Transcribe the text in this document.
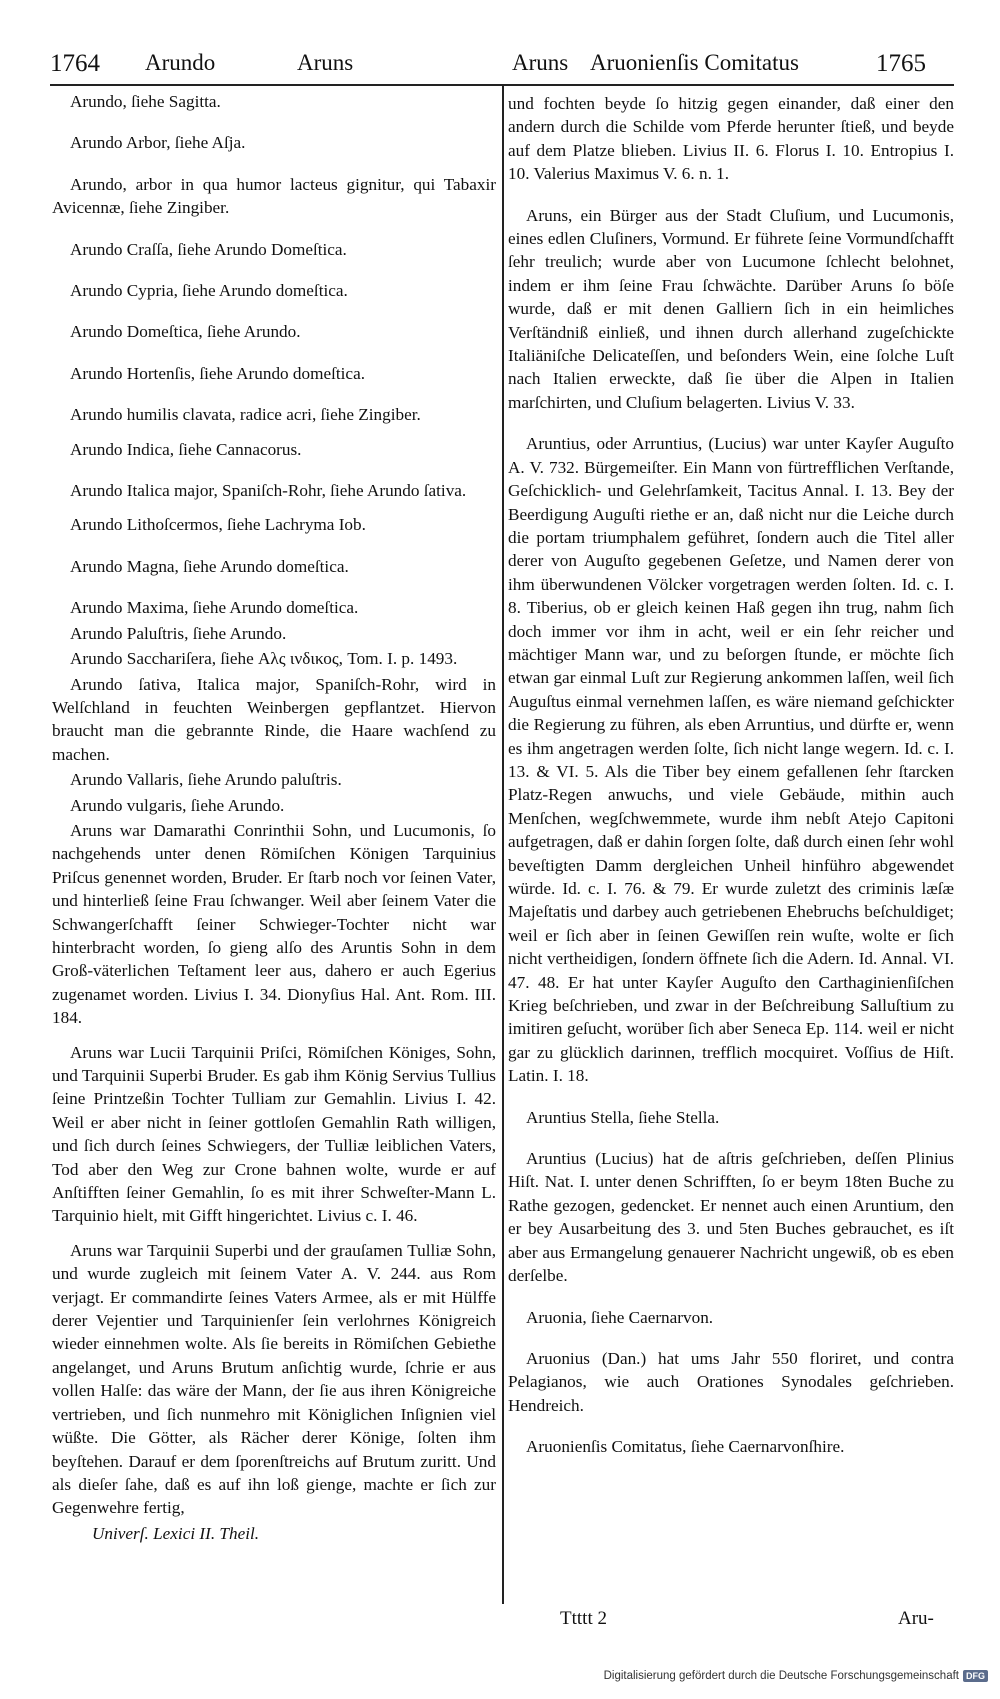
1764 Arundo	Aruns	Aruns Aruonienſis Comitatus	1765

Arundo, ſiehe Sagitta.

Arundo Arbor, ſiehe Aſja.

Arundo, arbor in qua humor lacteus gignitur, qui Tabaxir Avicennæ, ſiehe Zingiber.

Arundo Craſſa, ſiehe Arundo Domeſtica.

Arundo Cypria, ſiehe Arundo domeſtica.

Arundo Domeſtica, ſiehe Arundo.

Arundo Hortenſis, ſiehe Arundo domeſtica.

Arundo humilis clavata, radice acri, ſiehe Zingiber.

Arundo Indica, ſiehe Cannacorus.

Arundo Italica major, Spaniſch-Rohr, ſiehe Arundo ſativa.

Arundo Lithoſcermos, ſiehe Lachryma Iob.

Arundo Magna, ſiehe Arundo domeſtica.

Arundo Maxima, ſiehe Arundo domeſtica.

Arundo Paluſtris, ſiehe Arundo.

Arundo Sacchariſera, ſiehe Αλς ινδικος, Tom. I. p. 1493.

Arundo ſativa, Italica major, Spaniſch-Rohr, wird in Welſchland in feuchten Weinbergen gepflantzet. Hiervon braucht man die gebrannte Rinde, die Haare wachſend zu machen.

Arundo Vallaris, ſiehe Arundo paluſtris.

Arundo vulgaris, ſiehe Arundo.

Aruns war Damarathi Conrinthii Sohn, und Lucumonis, ſo nachgehends unter denen Römiſchen Königen Tarquinius Priſcus genennet worden, Bruder. Er ſtarb noch vor ſeinen Vater, und hinterließ ſeine Frau ſchwanger. Weil aber ſeinem Vater die Schwangerſchafft ſeiner Schwieger-Tochter nicht war hinterbracht worden, ſo gieng alſo des Aruntis Sohn in dem Groß-väterlichen Teſtament leer aus, dahero er auch Egerius zugenamet worden. Livius I. 34. Dionyſius Hal. Ant. Rom. III. 184.

Aruns war Lucii Tarquinii Priſci, Römiſchen Königes, Sohn, und Tarquinii Superbi Bruder. Es gab ihm König Servius Tullius ſeine Printzeßin Tochter Tulliam zur Gemahlin. Livius I. 42. Weil er aber nicht in ſeiner gottloſen Gemahlin Rath willigen, und ſich durch ſeines Schwiegers, der Tulliæ leiblichen Vaters, Tod aber den Weg zur Crone bahnen wolte, wurde er auf Anſtifften ſeiner Gemahlin, ſo es mit ihrer Schweſter-Mann L. Tarquinio hielt, mit Gifft hingerichtet. Livius c. I. 46.

Aruns war Tarquinii Superbi und der grauſamen Tulliæ Sohn, und wurde zugleich mit ſeinem Vater A. V. 244. aus Rom verjagt. Er commandirte ſeines Vaters Armee, als er mit Hülffe derer Vejentier und Tarquinienſer ſein verlohrnes Königreich wieder einnehmen wolte. Als ſie bereits in Römiſchen Gebiethe angelanget, und Aruns Brutum anſichtig wurde, ſchrie er aus vollen Halſe: das wäre der Mann, der ſie aus ihren Königreiche vertrieben, und ſich nunmehro mit Königlichen Inſignien viel wüßte. Die Götter, als Rächer derer Könige, ſolten ihm beyſtehen. Darauf er dem ſporenſtreichs auf Brutum zuritt. Und als dieſer ſahe, daß es auf ihn loß gienge, machte er ſich zur Gegenwehre fertig,

Univerſ. Lexici II. Theil.

und fochten beyde ſo hitzig gegen einander, daß einer den andern durch die Schilde vom Pferde herunter ſtieß, und beyde auf dem Platze blieben. Livius II. 6. Florus I. 10. Entropius I. 10. Valerius Maximus V. 6. n. 1.

Aruns, ein Bürger aus der Stadt Cluſium, und Lucumonis, eines edlen Cluſiners, Vormund. Er führete ſeine Vormundſchafft ſehr treulich; wurde aber von Lucumone ſchlecht belohnet, indem er ihm ſeine Frau ſchwächte. Darüber Aruns ſo böſe wurde, daß er mit denen Galliern ſich in ein heimliches Verſtändniß einließ, und ihnen durch allerhand zugeſchickte Italiäniſche Delicateſſen, und beſonders Wein, eine ſolche Luſt nach Italien erweckte, daß ſie über die Alpen in Italien marſchirten, und Cluſium belagerten. Livius V. 33.

Aruntius, oder Arruntius, (Lucius) war unter Kayſer Auguſto A. V. 732. Bürgemeiſter. Ein Mann von fürtrefflichen Verſtande, Geſchicklich- und Gelehrſamkeit, Tacitus Annal. I. 13. Bey der Beerdigung Auguſti riethe er an, daß nicht nur die Leiche durch die portam triumphalem geführet, ſondern auch die Titel aller derer von Auguſto gegebenen Geſetze, und Namen derer von ihm überwundenen Völcker vorgetragen werden ſolten. Id. c. I. 8. Tiberius, ob er gleich keinen Haß gegen ihn trug, nahm ſich doch immer vor ihm in acht, weil er ein ſehr reicher und mächtiger Mann war, und zu beſorgen ſtunde, er möchte ſich etwan gar einmal Luſt zur Regierung ankommen laſſen, weil ſich Auguſtus einmal vernehmen laſſen, es wäre niemand geſchickter die Regierung zu führen, als eben Arruntius, und dürfte er, wenn es ihm angetragen werden ſolte, ſich nicht lange wegern. Id. c. I. 13. & VI. 5. Als die Tiber bey einem gefallenen ſehr ſtarcken Platz-Regen anwuchs, und viele Gebäude, mithin auch Menſchen, wegſchwemmete, wurde ihm nebſt Atejo Capitoni aufgetragen, daß er dahin ſorgen ſolte, daß durch einen ſehr wohl beveſtigten Damm dergleichen Unheil hinführo abgewendet würde. Id. c. I. 76. & 79. Er wurde zuletzt des criminis læſæ Majeſtatis und darbey auch getriebenen Ehebruchs beſchuldiget; weil er ſich aber in ſeinen Gewiſſen rein wuſte, wolte er ſich nicht vertheidigen, ſondern öffnete ſich die Adern. Id. Annal. VI. 47. 48. Er hat unter Kayſer Auguſto den Carthaginienſiſchen Krieg beſchrieben, und zwar in der Beſchreibung Salluſtium zu imitiren geſucht, worüber ſich aber Seneca Ep. 114. weil er nicht gar zu glücklich darinnen, trefflich mocquiret. Voſſius de Hiſt. Latin. I. 18.

Aruntius Stella, ſiehe Stella.

Aruntius (Lucius) hat de aſtris geſchrieben, deſſen Plinius Hiſt. Nat. I. unter denen Schrifften, ſo er beym 18ten Buche zu Rathe gezogen, gedencket. Er nennet auch einen Aruntium, den er bey Ausarbeitung des 3. und 5ten Buches gebrauchet, es iſt aber aus Ermangelung genauerer Nachricht ungewiß, ob es eben derſelbe.

Aruonia, ſiehe Caernarvon.

Aruonius (Dan.) hat ums Jahr 550 floriret, und contra Pelagianos, wie auch Orationes Synodales geſchrieben. Hendreich.

Aruonienſis Comitatus, ſiehe Caernarvonſhire.

Ttttt 2	Aru-
Digitalisierung gefördert durch die Deutsche Forschungsgemeinschaft DFG
